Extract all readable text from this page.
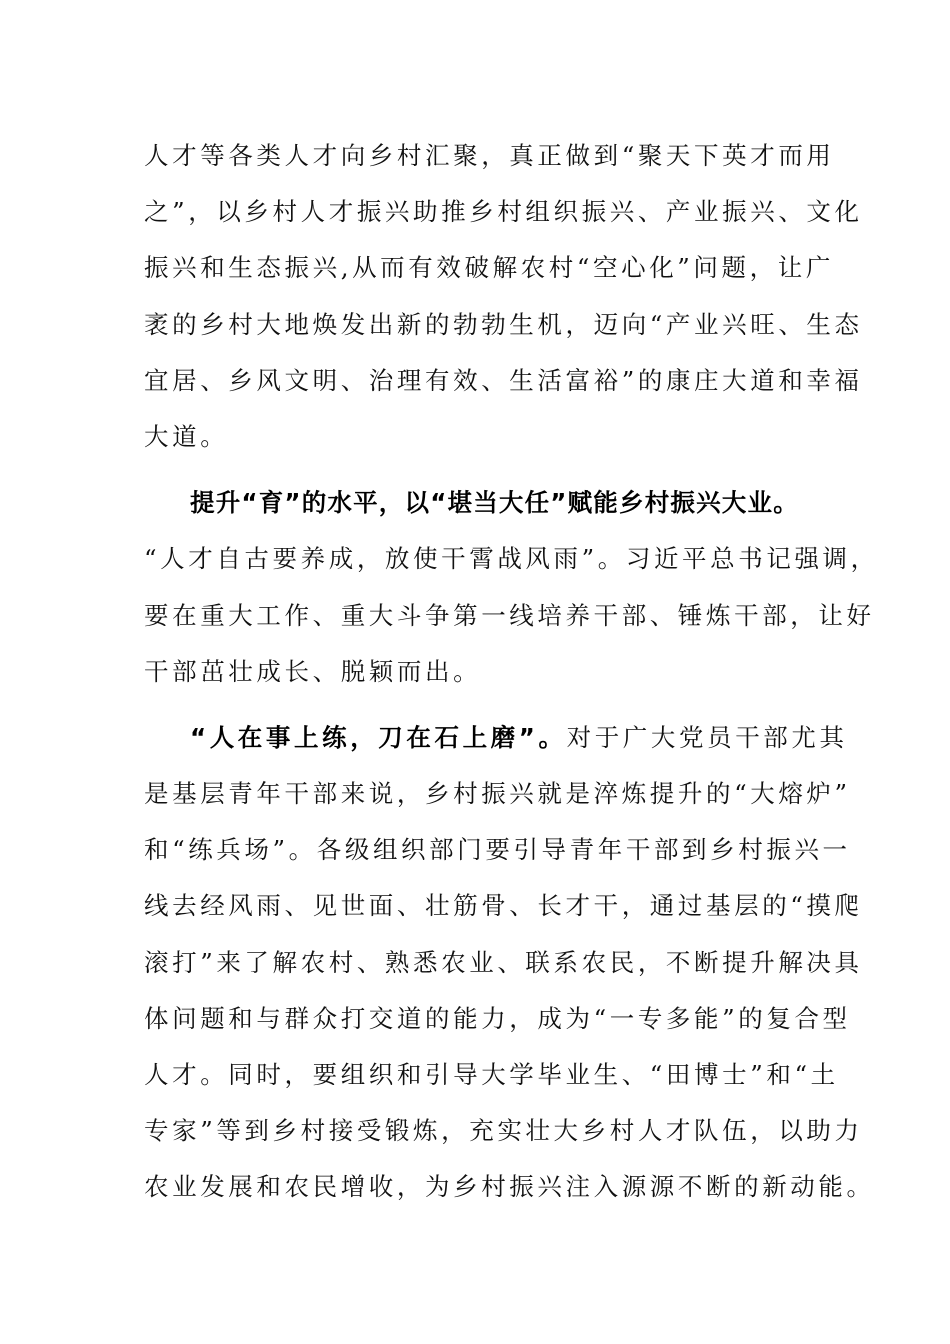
人才等各类人才向乡村汇聚，真正做到“聚天下英才而用
之”，以乡村人才振兴助推乡村组织振兴、产业振兴、文化
振兴和生态振兴,从而有效破解农村“空心化”问题，让广
袤的乡村大地焕发出新的勃勃生机，迈向“产业兴旺、生态
宜居、乡风文明、治理有效、生活富裕”的康庄大道和幸福
大道。
提升“育”的水平，以“堪当大任”赋能乡村振兴大业。
“人才自古要养成，放使干霄战风雨”。习近平总书记强调，
要在重大工作、重大斗争第一线培养干部、锤炼干部，让好
干部茁壮成长、脱颖而出。
“人在事上练，刀在石上磨”。对于广大党员干部尤其
是基层青年干部来说，乡村振兴就是淬炼提升的“大熔炉”
和“练兵场”。各级组织部门要引导青年干部到乡村振兴一
线去经风雨、见世面、壮筋骨、长才干，通过基层的“摸爬
滚打”来了解农村、熟悉农业、联系农民，不断提升解决具
体问题和与群众打交道的能力，成为“一专多能”的复合型
人才。同时，要组织和引导大学毕业生、“田博士”和“土
专家”等到乡村接受锻炼，充实壮大乡村人才队伍，以助力
农业发展和农民增收，为乡村振兴注入源源不断的新动能。
